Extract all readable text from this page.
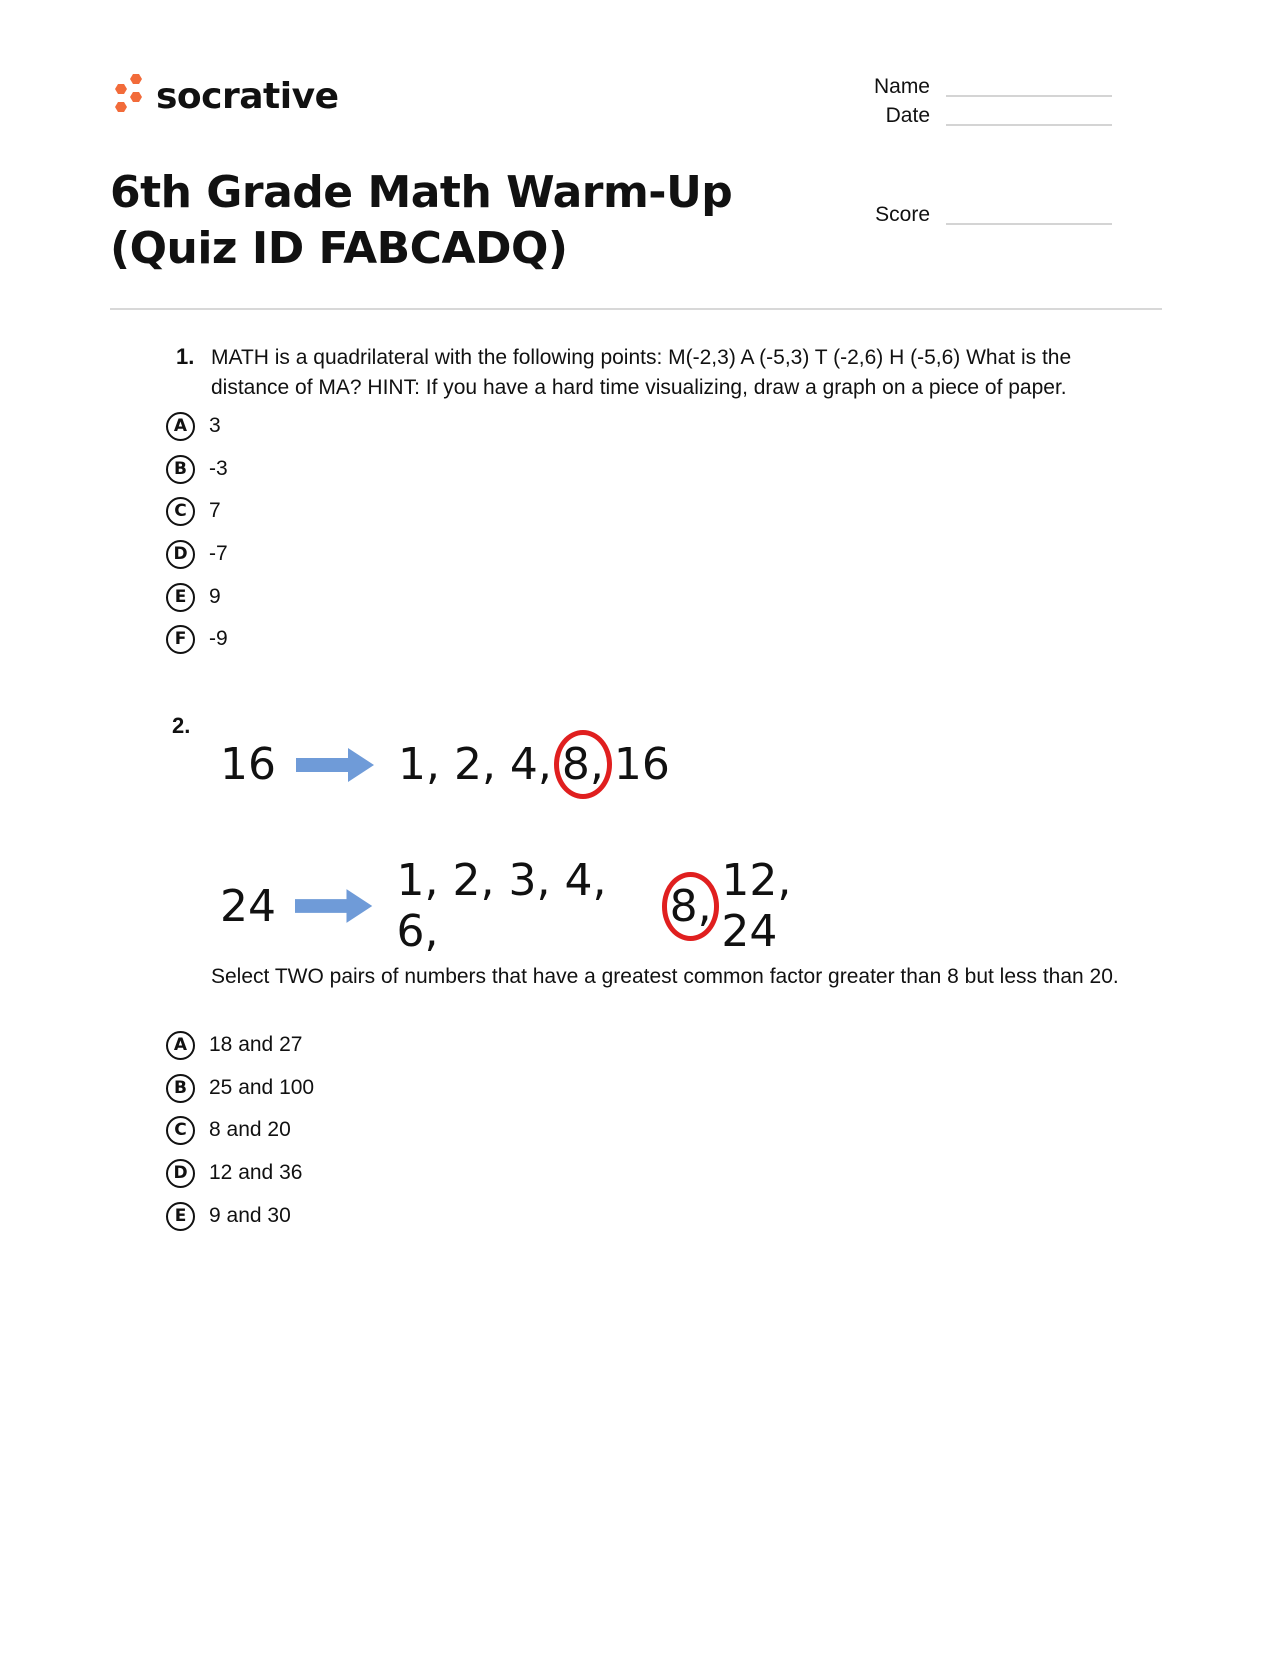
socrative	Name
Date
Score
6th Grade Math Warm-Up (Quiz ID FABCADQ)
1. MATH is a quadrilateral with the following points: M(-2,3) A (-5,3) T (-2,6) H (-5,6) What is the distance of MA? HINT: If you have a hard time visualizing, draw a graph on a piece of paper.
A	3
B	-3
C	7
D	-7
E	9
F	-9
2.
16	1, 2, 4, 8, 16
24	1, 2, 3, 4, 6,	8, 12, 24
Select TWO pairs of numbers that have a greatest common factor greater than 8 but less than 20.
A	18 and 27
B	25 and 100
C	8 and 20
D	12 and 36
E	9 and 30
